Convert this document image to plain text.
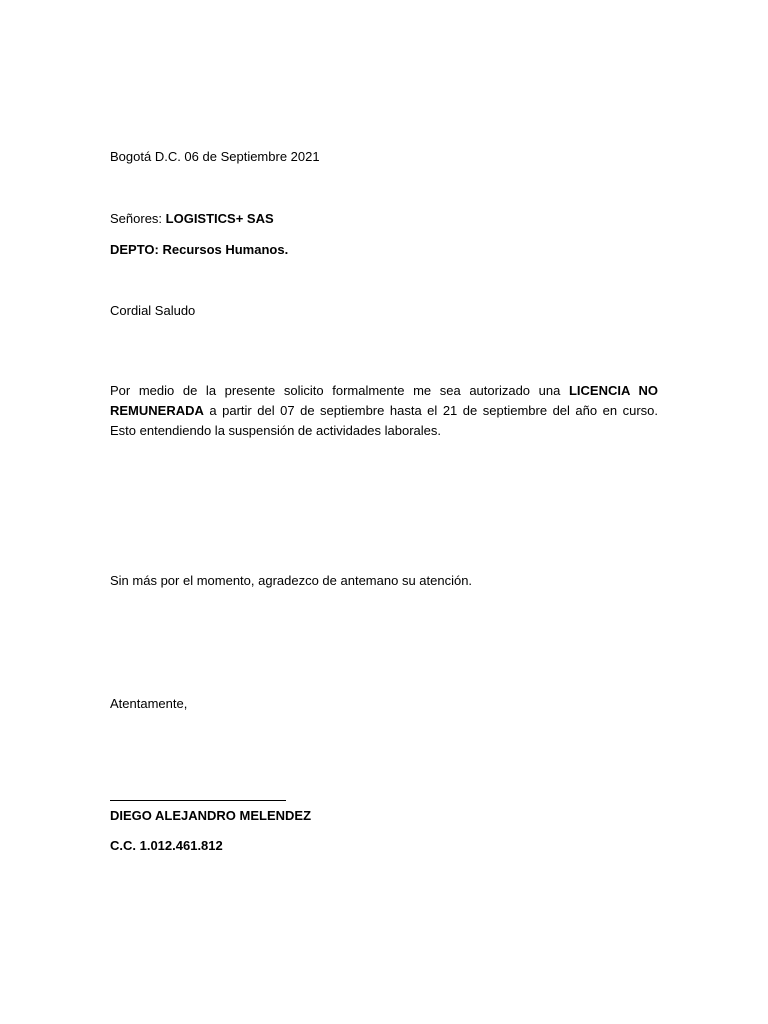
Bogotá D.C. 06 de Septiembre 2021
Señores: LOGISTICS+ SAS
DEPTO: Recursos Humanos.
Cordial Saludo
Por medio de la presente solicito formalmente me sea autorizado una LICENCIA NO REMUNERADA a partir del 07 de septiembre hasta el 21 de septiembre del año en curso. Esto entendiendo la suspensión de actividades laborales.
Sin más por el momento, agradezco de antemano su atención.
Atentamente,
DIEGO ALEJANDRO MELENDEZ
C.C. 1.012.461.812
